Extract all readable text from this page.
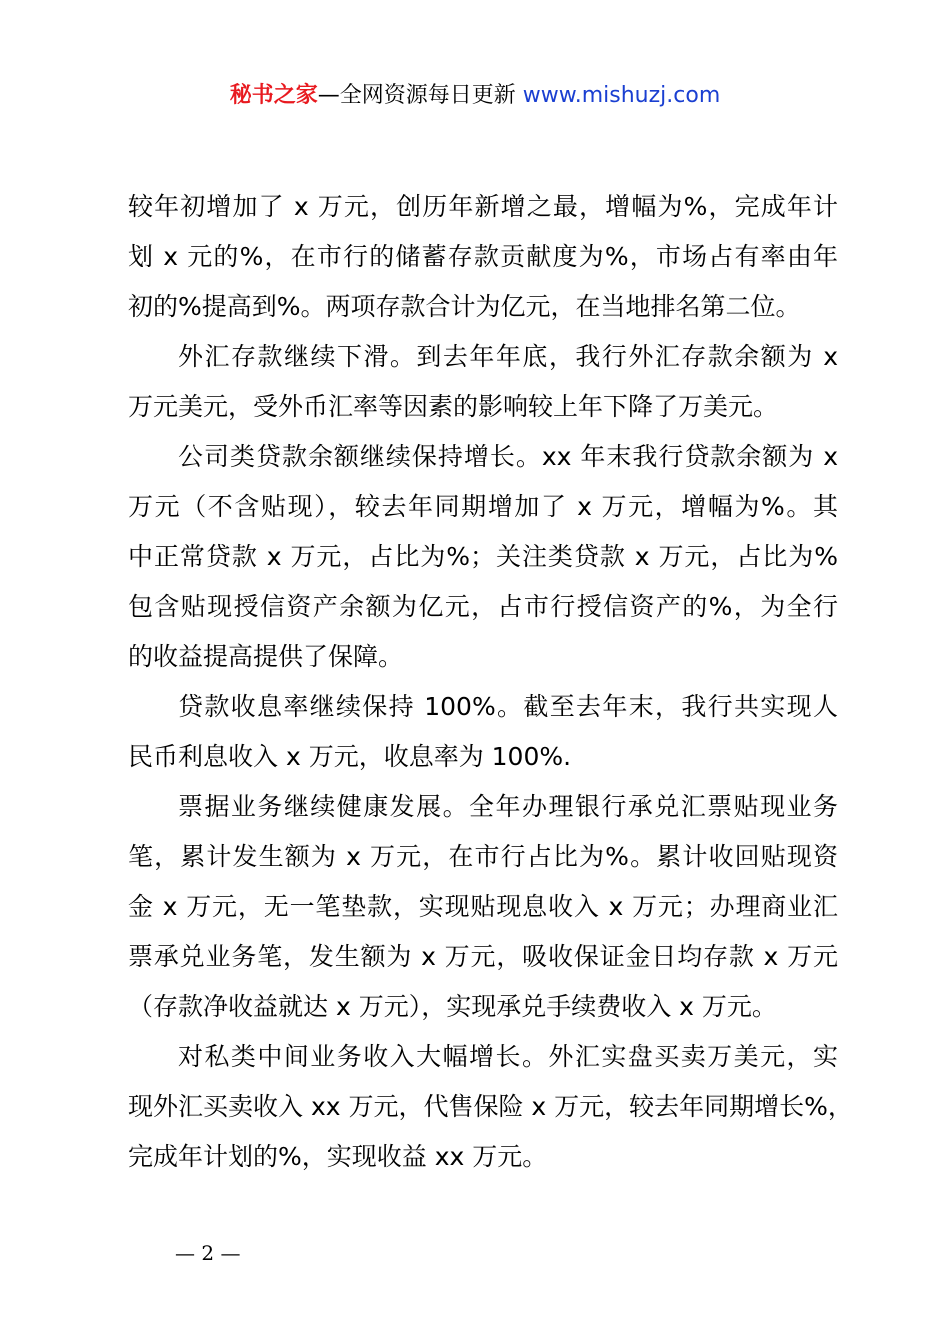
秘书之家—全网资源每日更新 www.mishuzj.com
较年初增加了 x 万元，创历年新增之最，增幅为%，完成年计
划 x 元的%，在市行的储蓄存款贡献度为%，市场占有率由年
初的%提高到%。两项存款合计为亿元，在当地排名第二位。
外汇存款继续下滑。到去年年底，我行外汇存款余额为 x
万元美元，受外币汇率等因素的影响较上年下降了万美元。
公司类贷款余额继续保持增长。xx 年末我行贷款余额为 x
万元（不含贴现），较去年同期增加了 x 万元，增幅为%。其
中正常贷款 x 万元，占比为%；关注类贷款 x 万元，占比为%
包含贴现授信资产余额为亿元，占市行授信资产的%，为全行
的收益提高提供了保障。
贷款收息率继续保持 100%。截至去年末，我行共实现人
民币利息收入 x 万元，收息率为 100%.
票据业务继续健康发展。全年办理银行承兑汇票贴现业务
笔，累计发生额为 x 万元，在市行占比为%。累计收回贴现资
金 x 万元，无一笔垫款，实现贴现息收入 x 万元；办理商业汇
票承兑业务笔，发生额为 x 万元，吸收保证金日均存款 x 万元
（存款净收益就达 x 万元），实现承兑手续费收入 x 万元。
对私类中间业务收入大幅增长。外汇实盘买卖万美元，实
现外汇买卖收入 xx 万元，代售保险 x 万元，较去年同期增长%，
完成年计划的%，实现收益 xx 万元。
— 2 —
